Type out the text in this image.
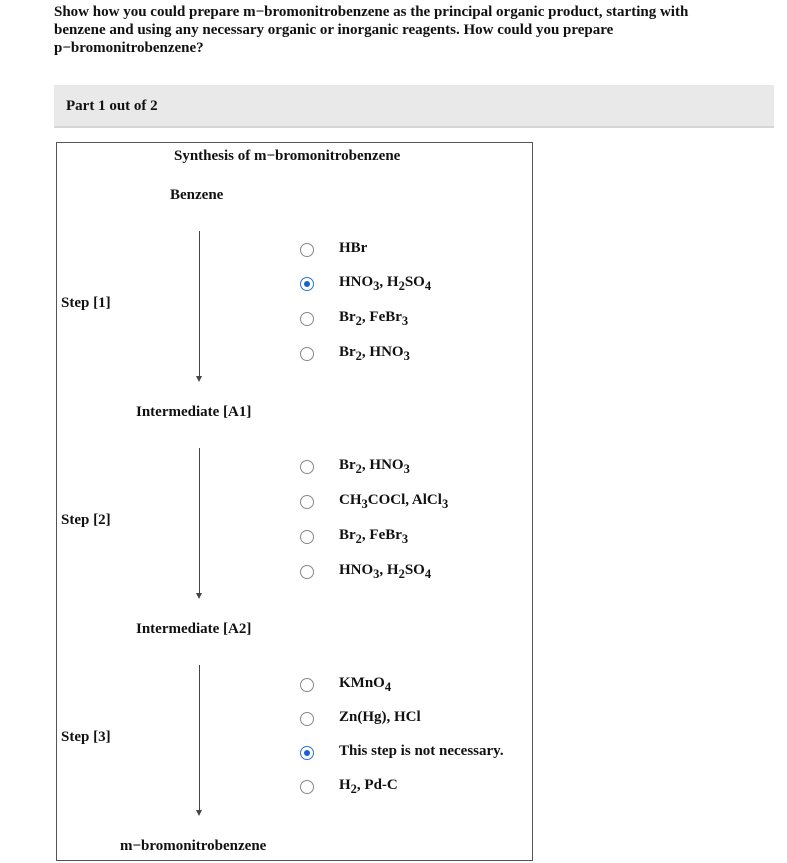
Show how you could prepare m−bromonitrobenzene as the principal organic product, starting with
benzene and using any necessary organic or inorganic reagents. How could you prepare
p−bromonitrobenzene?
Part 1 out of 2
Synthesis of m−bromonitrobenzene
Benzene
Step [1]
HBr
$HNO_3$, $H_2SO_4$
$Br_2$, FeBr$_3$
$Br_2$, $HNO_3$
Intermediate [A1]
Step [2]
$Br_2$, $HNO_3$
$CH_3COCl$, AlCl$_3$
$Br_2$, FeBr$_3$
$HNO_3$, $H_2SO_4$
Intermediate [A2]
Step [3]
KMnO$_4$
Zn(Hg), HCl
This step is not necessary.
$H_2$, Pd-C
m−bromonitrobenzene
